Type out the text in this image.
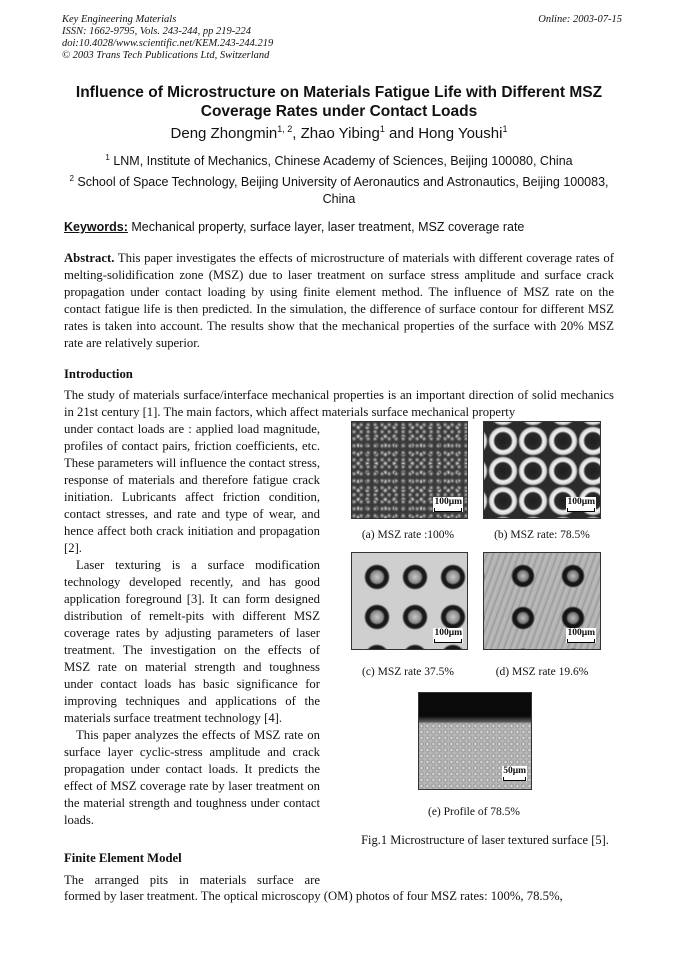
Key Engineering Materials
ISSN: 1662-9795, Vols. 243-244, pp 219-224
doi:10.4028/www.scientific.net/KEM.243-244.219
© 2003 Trans Tech Publications Ltd, Switzerland
Online: 2003-07-15
Influence of Microstructure on Materials Fatigue Life with Different MSZ Coverage Rates under Contact Loads
Deng Zhongmin$^{1, 2}$, Zhao Yibing$^1$ and Hong Youshi$^1$
$^1$ LNM, Institute of Mechanics, Chinese Academy of Sciences, Beijing 100080, China
$^2$ School of Space Technology, Beijing University of Aeronautics and Astronautics, Beijing 100083, China
Keywords: Mechanical property, surface layer, laser treatment, MSZ coverage rate
Abstract. This paper investigates the effects of microstructure of materials with different coverage rates of melting-solidification zone (MSZ) due to laser treatment on surface stress amplitude and surface crack propagation under contact loading by using finite element method. The influence of MSZ rate on the contact fatigue life is then predicted. In the simulation, the difference of surface contour for different MSZ rates is taken into account. The results show that the mechanical properties of the surface with 20% MSZ rate are relatively superior.
Introduction
The study of materials surface/interface mechanical properties is an important direction of solid mechanics in 21st century [1]. The main factors, which affect materials surface mechanical property
under contact loads are : applied load magnitude, profiles of contact pairs, friction coefficients, etc. These parameters will influence the contact stress, response of materials and therefore fatigue crack initiation. Lubricants affect friction condition, contact stresses, and rate and type of wear, and hence affect both crack initiation and propagation [2].
Laser texturing is a surface modification technology developed recently, and has good application foreground [3]. It can form designed distribution of remelt-pits with different MSZ coverage rates by adjusting parameters of laser treatment. The investigation on the effects of MSZ rate on material strength and toughness under contact loads has basic significance for improving techniques and applications of the materials surface treatment technology [4].
This paper analyzes the effects of MSZ rate on surface layer cyclic-stress amplitude and crack propagation under contact loads. It predicts the effect of MSZ coverage rate by laser treatment on the material strength and toughness under contact loads.
Finite Element Model
The arranged pits in materials surface are
formed by laser treatment. The optical microscopy (OM) photos of four MSZ rates: 100%, 78.5%,
100μm	100μm
(a) MSZ rate :100%	(b) MSZ rate: 78.5%
100μm	100μm
(c) MSZ rate 37.5%	(d) MSZ rate 19.6%
50μm
(e) Profile of 78.5%
Fig.1 Microstructure of laser textured surface [5].
